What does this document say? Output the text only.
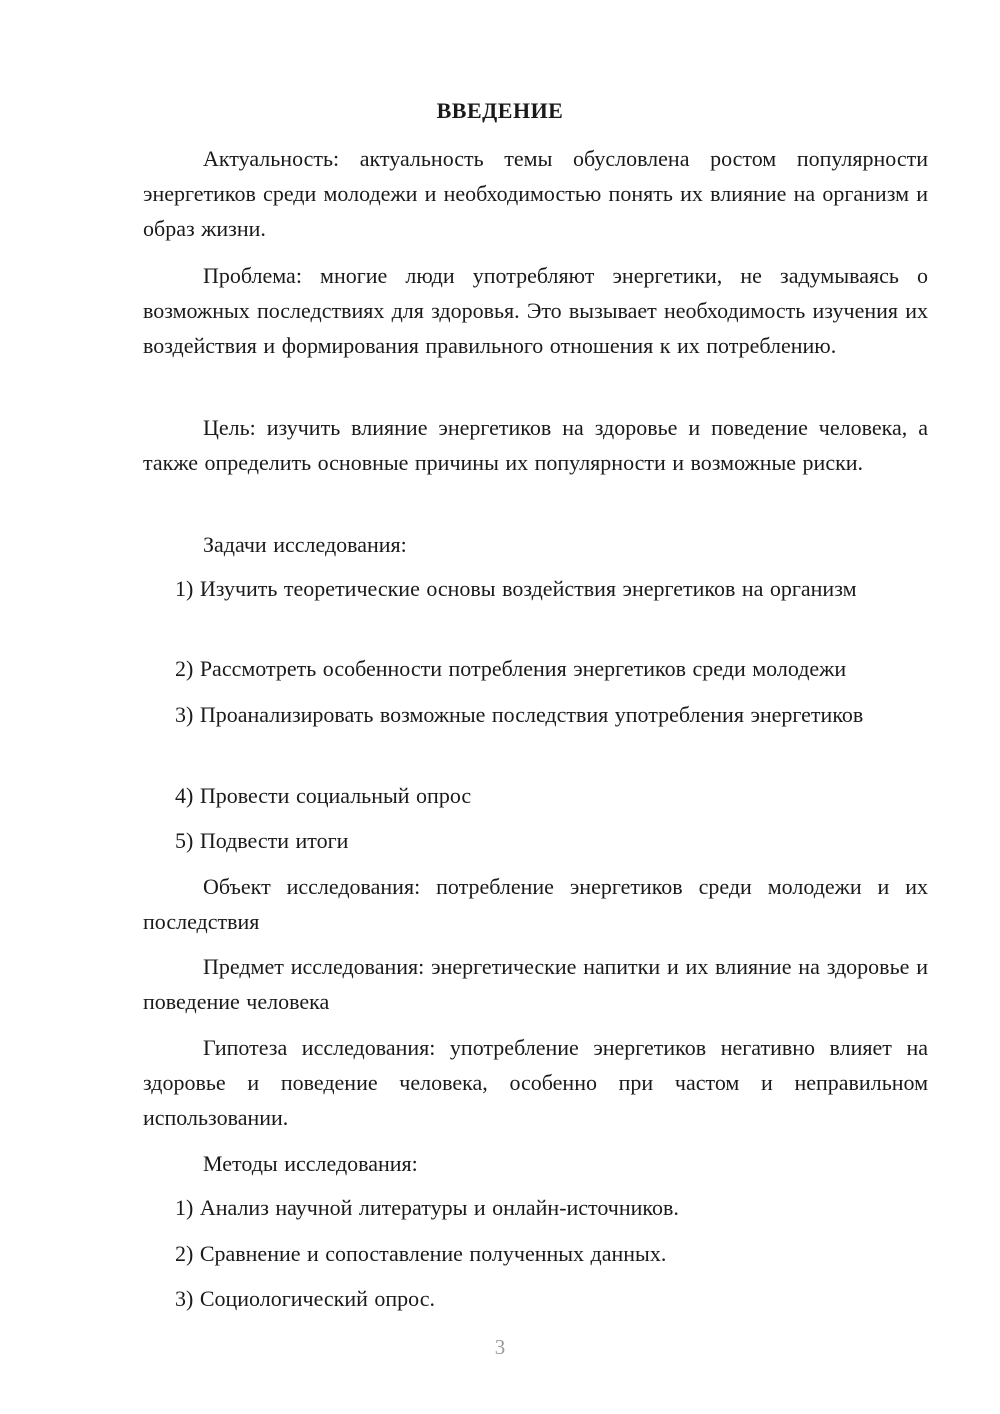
ВВЕДЕНИЕ
Актуальность: актуальность темы обусловлена ростом популярности энергетиков среди молодежи и необходимостью понять их влияние на организм и образ жизни.
Проблема: многие люди употребляют энергетики, не задумываясь о возможных последствиях для здоровья. Это вызывает необходимость изучения их воздействия и формирования правильного отношения к их потреблению.
Цель: изучить влияние энергетиков на здоровье и поведение человека, а также определить основные причины их популярности и возможные риски.
Задачи исследования:
1) Изучить теоретические основы воздействия энергетиков на организм
2) Рассмотреть особенности потребления энергетиков среди молодежи
3) Проанализировать возможные последствия употребления энергетиков
4) Провести социальный опрос
5) Подвести итоги
Объект исследования: потребление энергетиков среди молодежи и их последствия
Предмет исследования: энергетические напитки и их влияние на здоровье и поведение человека
Гипотеза исследования: употребление энергетиков негативно влияет на здоровье и поведение человека, особенно при частом и неправильном использовании.
Методы исследования:
1) Анализ научной литературы и онлайн-источников.
2) Сравнение и сопоставление полученных данных.
3) Социологический опрос.
3
